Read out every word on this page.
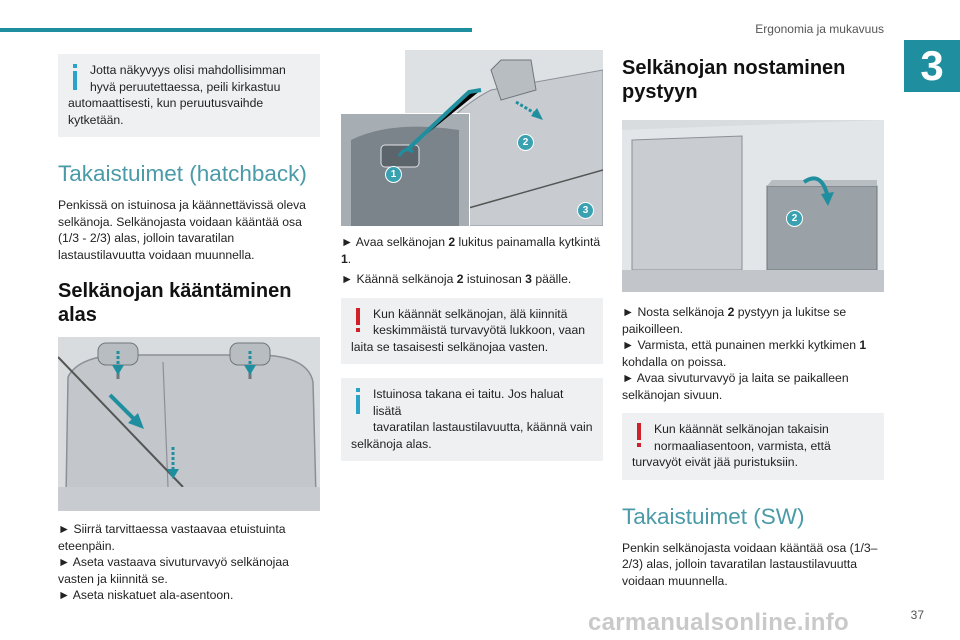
Ergonomia ja mukavuus
3
Jotta näkyvyys olisi mahdollisimman
hyvä peruutettaessa, peili kirkastuu
automaattisesti, kun peruutusvaihde kytketään.
Takaistuimet (hatchback)

Penkissä on istuinosa ja käännettävissä oleva selkänoja. Selkänojasta voidaan kääntää osa (1/3 - 2/3) alas, jolloin tavaratilan lastaustilavuutta voidaan muunnella.

Selkänojan kääntäminen alas

► Siirrä tarvittaessa vastaavaa etuistuinta eteenpäin.

► Aseta vastaava sivuturvavyö selkänojaa vasten ja kiinnitä se.

► Aseta niskatuet ala-asentoon.

1
2
3

► Avaa selkänojan 2 lukitus painamalla kytkintä 1.

► Käännä selkänoja 2 istuinosan 3 päälle.

Kun käännät selkänojan, älä kiinnitä
keskimmäistä turvavyötä lukkoon, vaan
laita se tasaisesti selkänojaa vasten.
Istuinosa takana ei taitu. Jos haluat lisätä
tavaratilan lastaustilavuutta, käännä vain
selkänoja alas.
Selkänojan nostaminen pystyyn
2

► Nosta selkänoja 2 pystyyn ja lukitse se paikoilleen.

► Varmista, että punainen merkki kytkimen 1 kohdalla on poissa.

► Avaa sivuturvavyö ja laita se paikalleen selkänojan sivuun.

Kun käännät selkänojan takaisin
normaaliasentoon, varmista, että
turvavyöt eivät jää puristuksiin.
Takaistuimet (SW)

Penkin selkänojasta voidaan kääntää osa (1/3–2/3) alas, jolloin tavaratilan lastaustilavuutta voidaan muunnella.

carmanualsonline.info	37
